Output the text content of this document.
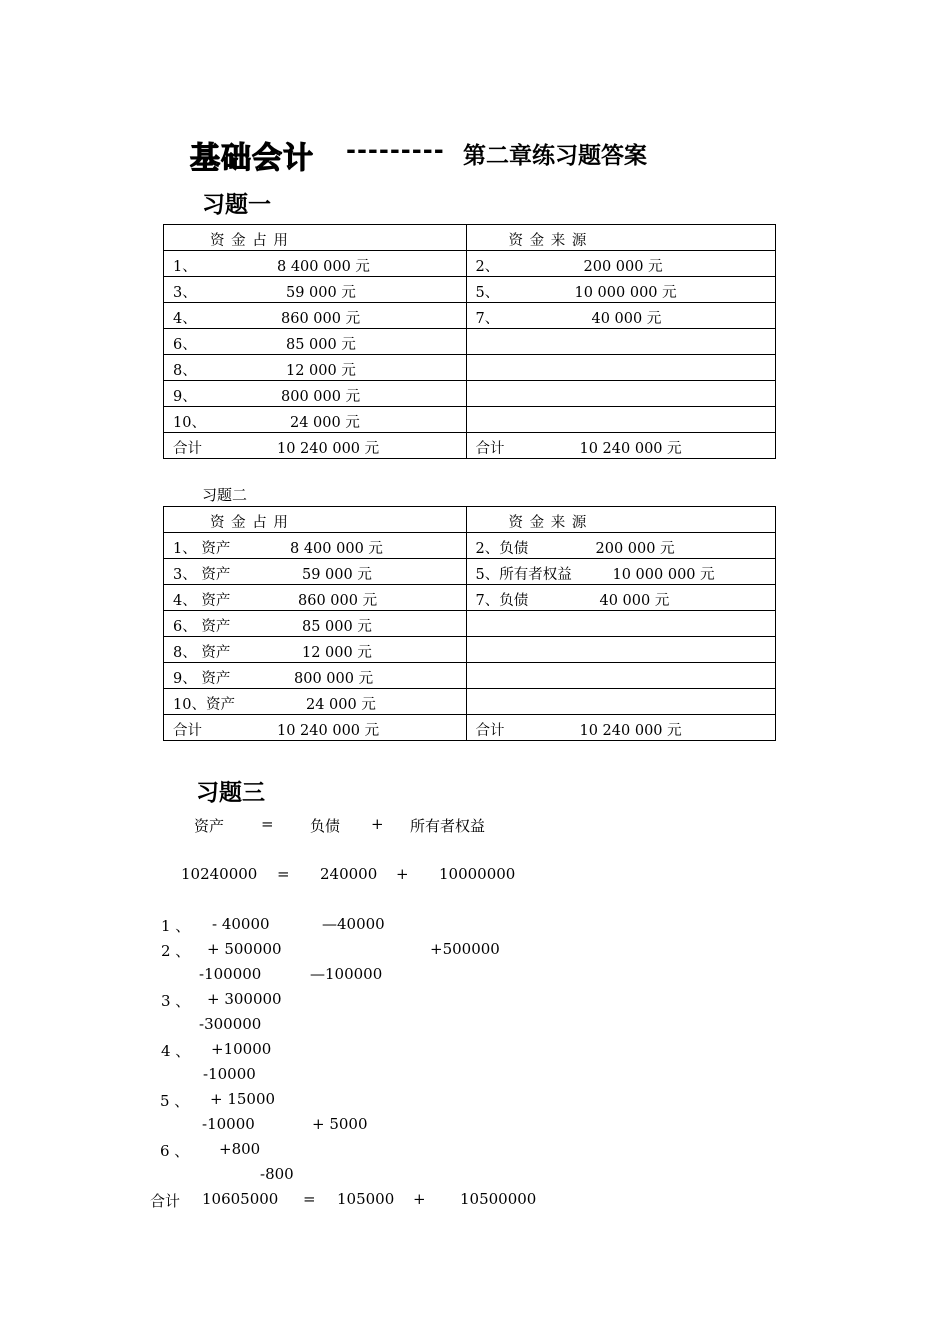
基础会计 --------- 第二章练习题答案
习题一
资 金 占 用	资 金 来 源

1、 8 400 000 元	2、 200 000 元

3、 59 000 元	5、 10 000 000 元

4、 860 000 元	7、 40 000 元

6、 85 000 元	

8、 12 000 元	

9、 800 000 元	

10、 24 000 元	

合计 10 240 000 元	合计 10 240 000 元
习题二
资 金 占 用	资 金 来 源

1、 资产 8 400 000 元	2、负债 200 000 元

3、 资产 59 000 元	5、所有者权益 10 000 000 元

4、 资产 860 000 元	7、负债 40 000 元

6、 资产 85 000 元	

8、 资产 12 000 元	

9、 资产 800 000 元	

10、资产 24 000 元	

合计 10 240 000 元	合计 10 240 000 元
习题三
资产 = 负债 + 所有者权益
10240000 = 240000 + 10000000
1 、 - 40000	—40000
2 、 + 500000	+500000
-100000	—100000
3 、 + 300000
-300000
4 、 +10000
-10000
5 、 + 15000
-10000	+ 5000
6 、 +800
-800
合计 10605000 = 105000 + 10500000
